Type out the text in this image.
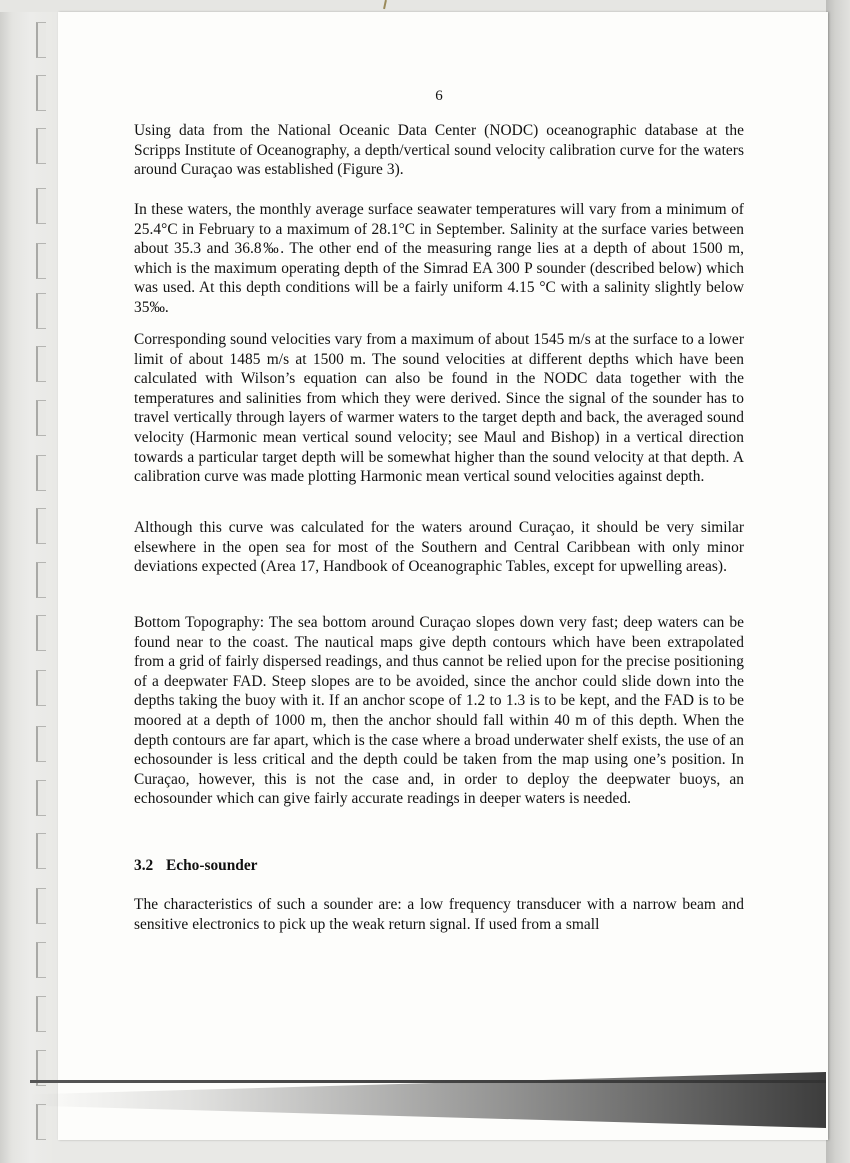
6

Using data from the National Oceanic Data Center (NODC) oceanographic database at the Scripps Institute of Oceanography, a depth/vertical sound velocity calibration curve for the waters around Curaçao was established (Figure 3).

In these waters, the monthly average surface seawater temperatures will vary from a minimum of 25.4°C in February to a maximum of 28.1°C in September. Salinity at the surface varies between about 35.3 and 36.8‰. The other end of the measuring range lies at a depth of about 1500 m, which is the maximum operating depth of the Simrad EA 300 P sounder (described below) which was used. At this depth conditions will be a fairly uniform 4.15 °C with a salinity slightly below 35‰.

Corresponding sound velocities vary from a maximum of about 1545 m/s at the surface to a lower limit of about 1485 m/s at 1500 m. The sound velocities at different depths which have been calculated with Wilson’s equation can also be found in the NODC data together with the temperatures and salinities from which they were derived. Since the signal of the sounder has to travel vertically through layers of warmer waters to the target depth and back, the averaged sound velocity (Harmonic mean vertical sound velocity; see Maul and Bishop) in a vertical direction towards a particular target depth will be somewhat higher than the sound velocity at that depth. A calibration curve was made plotting Harmonic mean vertical sound velocities against depth.

Although this curve was calculated for the waters around Curaçao, it should be very similar elsewhere in the open sea for most of the Southern and Central Caribbean with only minor deviations expected (Area 17, Handbook of Oceanographic Tables, except for upwelling areas).

Bottom Topography: The sea bottom around Curaçao slopes down very fast; deep waters can be found near to the coast. The nautical maps give depth contours which have been extrapolated from a grid of fairly dispersed readings, and thus cannot be relied upon for the precise positioning of a deepwater FAD. Steep slopes are to be avoided, since the anchor could slide down into the depths taking the buoy with it. If an anchor scope of 1.2 to 1.3 is to be kept, and the FAD is to be moored at a depth of 1000 m, then the anchor should fall within 40 m of this depth. When the depth contours are far apart, which is the case where a broad underwater shelf exists, the use of an echosounder is less critical and the depth could be taken from the map using one’s position. In Curaçao, however, this is not the case and, in order to deploy the deepwater buoys, an echosounder which can give fairly accurate readings in deeper waters is needed.

3.2 Echo-sounder

The characteristics of such a sounder are: a low frequency transducer with a narrow beam and sensitive electronics to pick up the weak return signal. If used from a small
